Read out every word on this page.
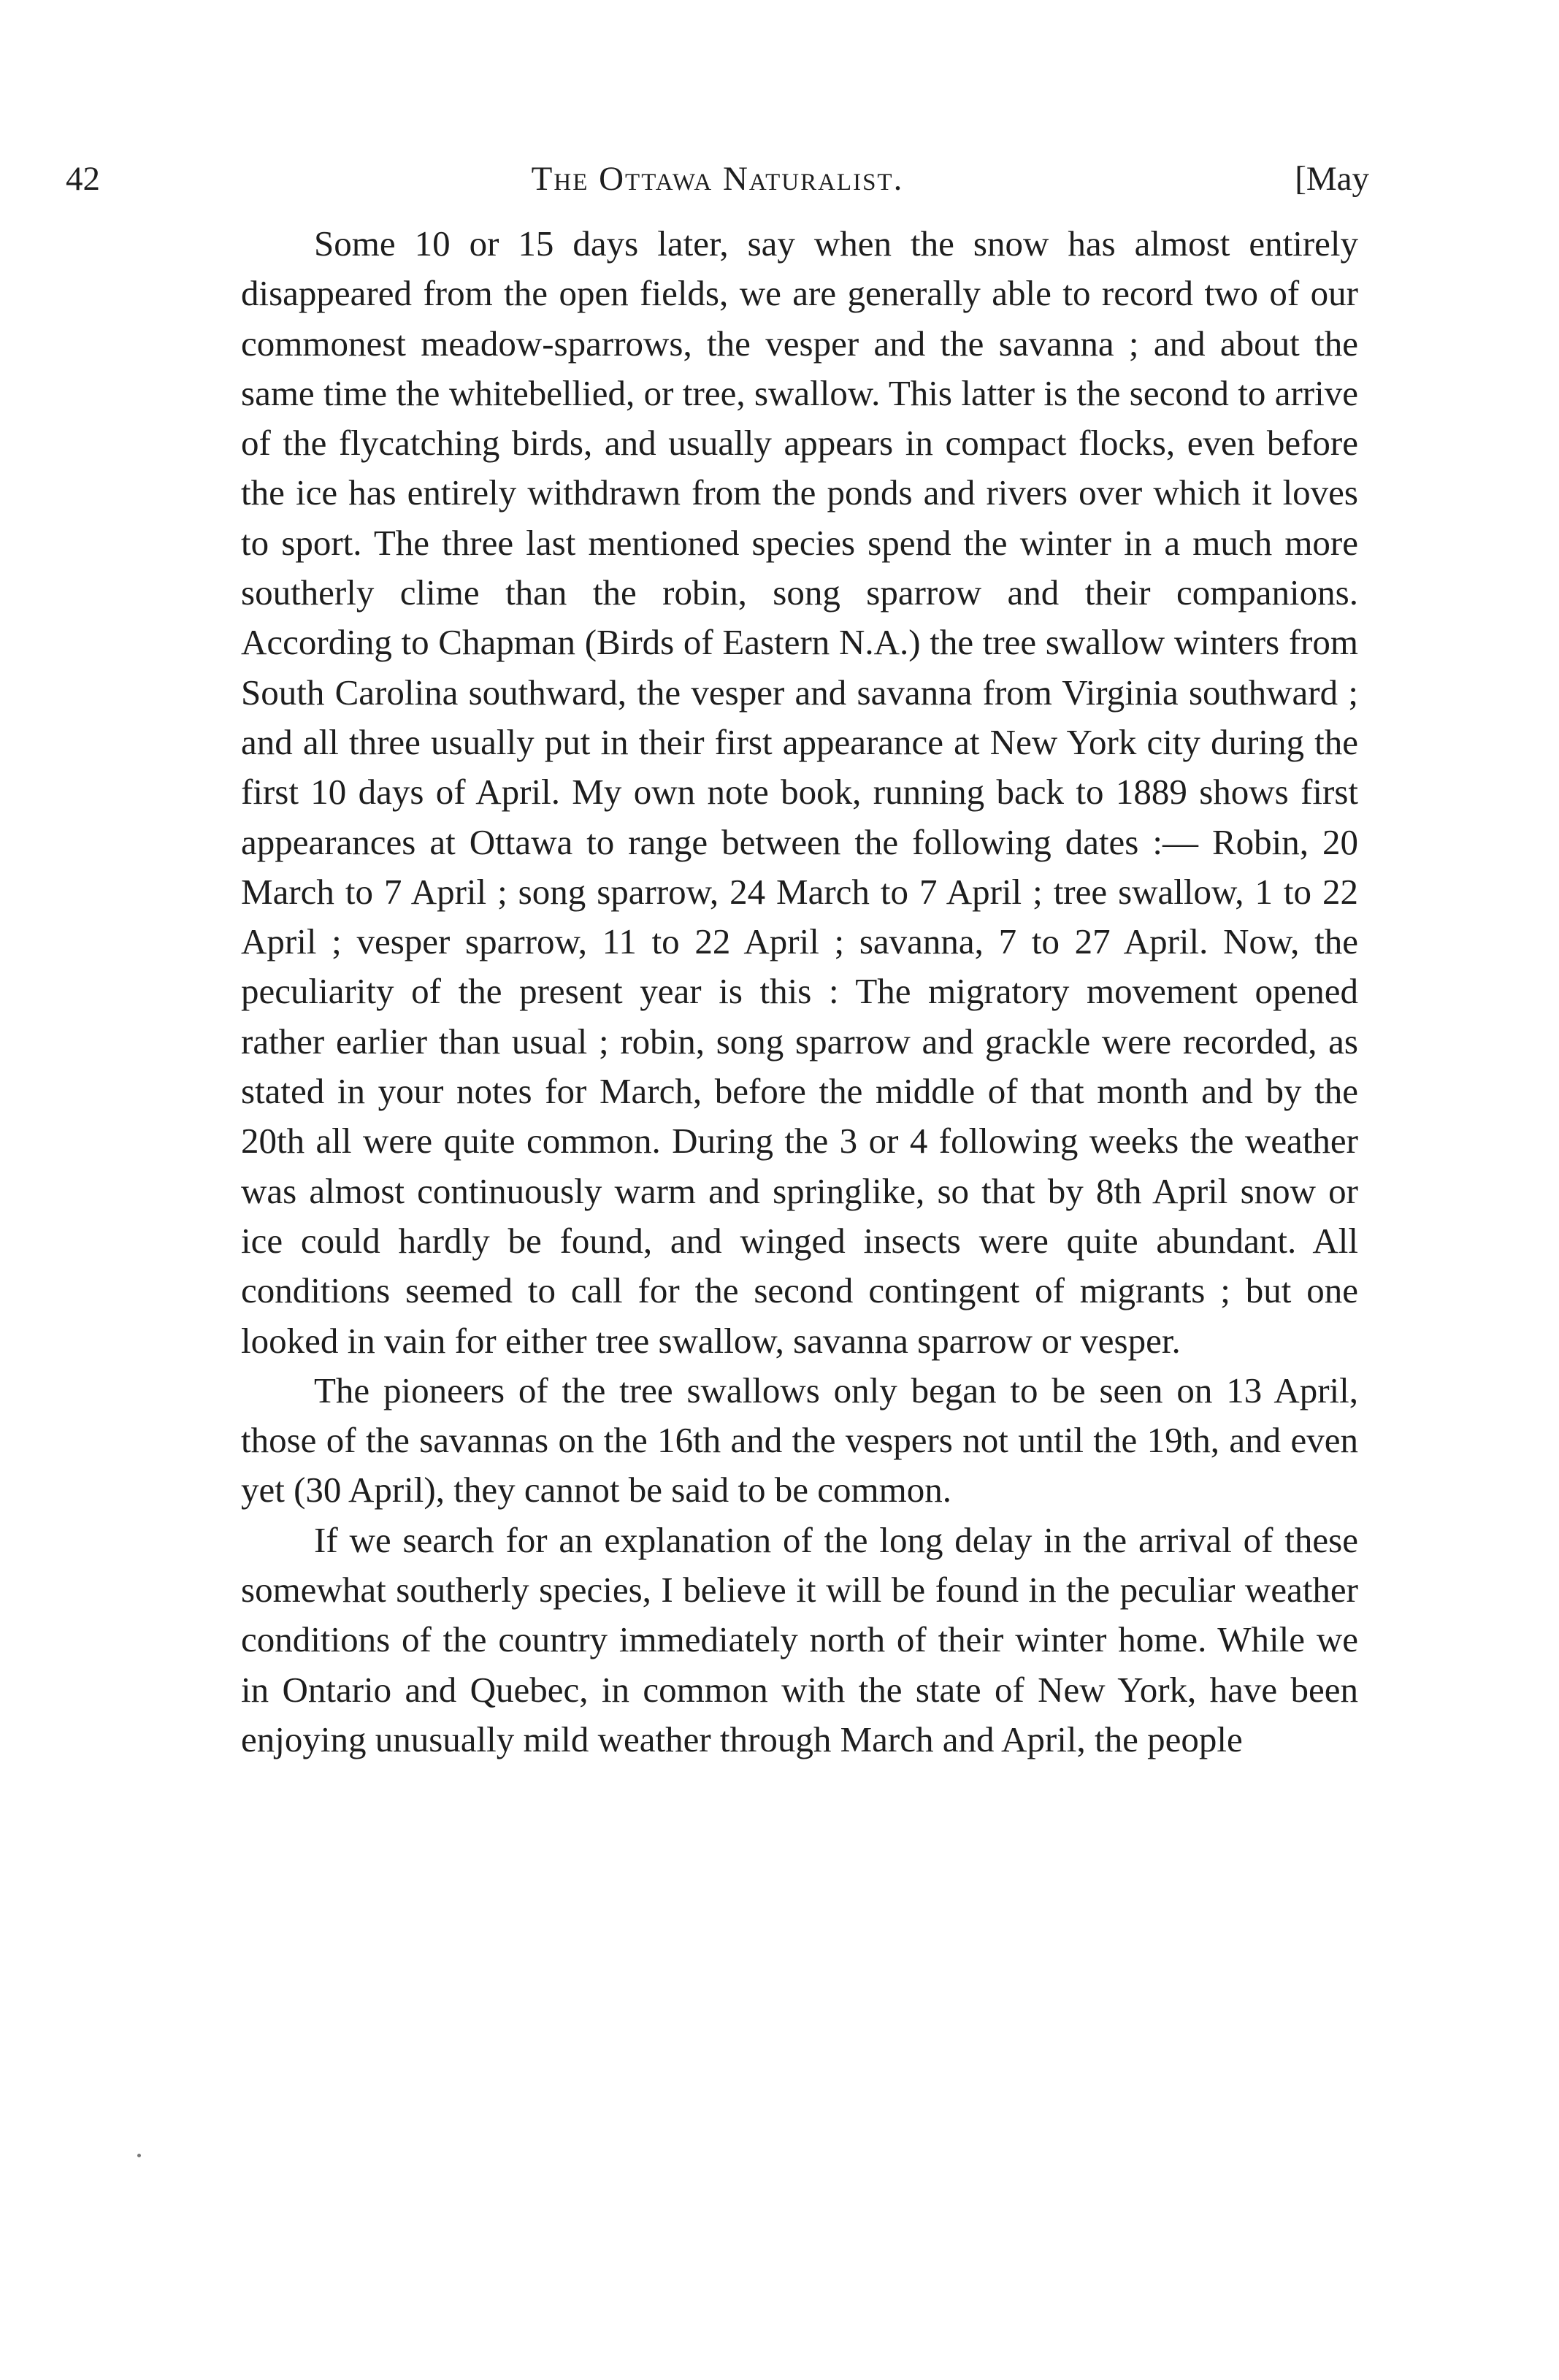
42	The Ottawa Naturalist.	[May

Some 10 or 15 days later, say when the snow has almost entirely disappeared from the open fields, we are generally able to record two of our commonest meadow-sparrows, the vesper and the savanna ; and about the same time the whitebellied, or tree, swallow. This latter is the second to arrive of the flycatching birds, and usually appears in compact flocks, even before the ice has entirely withdrawn from the ponds and rivers over which it loves to sport. The three last mentioned species spend the winter in a much more southerly clime than the robin, song sparrow and their companions. According to Chapman (Birds of Eastern N.A.) the tree swallow winters from South Carolina southward, the vesper and savanna from Virginia southward ; and all three usually put in their first appearance at New York city during the first 10 days of April. My own note book, running back to 1889 shows first appearances at Ottawa to range between the following dates :— Robin, 20 March to 7 April ; song sparrow, 24 March to 7 April ; tree swallow, 1 to 22 April ; vesper sparrow, 11 to 22 April ; savanna, 7 to 27 April. Now, the peculiarity of the present year is this : The migratory movement opened rather earlier than usual ; robin, song sparrow and grackle were recorded, as stated in your notes for March, before the middle of that month and by the 20th all were quite common. During the 3 or 4 following weeks the weather was almost continuously warm and springlike, so that by 8th April snow or ice could hardly be found, and winged insects were quite abundant. All conditions seemed to call for the second contingent of migrants ; but one looked in vain for either tree swallow, savanna sparrow or vesper.

The pioneers of the tree swallows only began to be seen on 13 April, those of the savannas on the 16th and the vespers not until the 19th, and even yet (30 April), they cannot be said to be common.

If we search for an explanation of the long delay in the arrival of these somewhat southerly species, I believe it will be found in the peculiar weather conditions of the country immediately north of their winter home. While we in Ontario and Quebec, in common with the state of New York, have been enjoying unusually mild weather through March and April, the people
